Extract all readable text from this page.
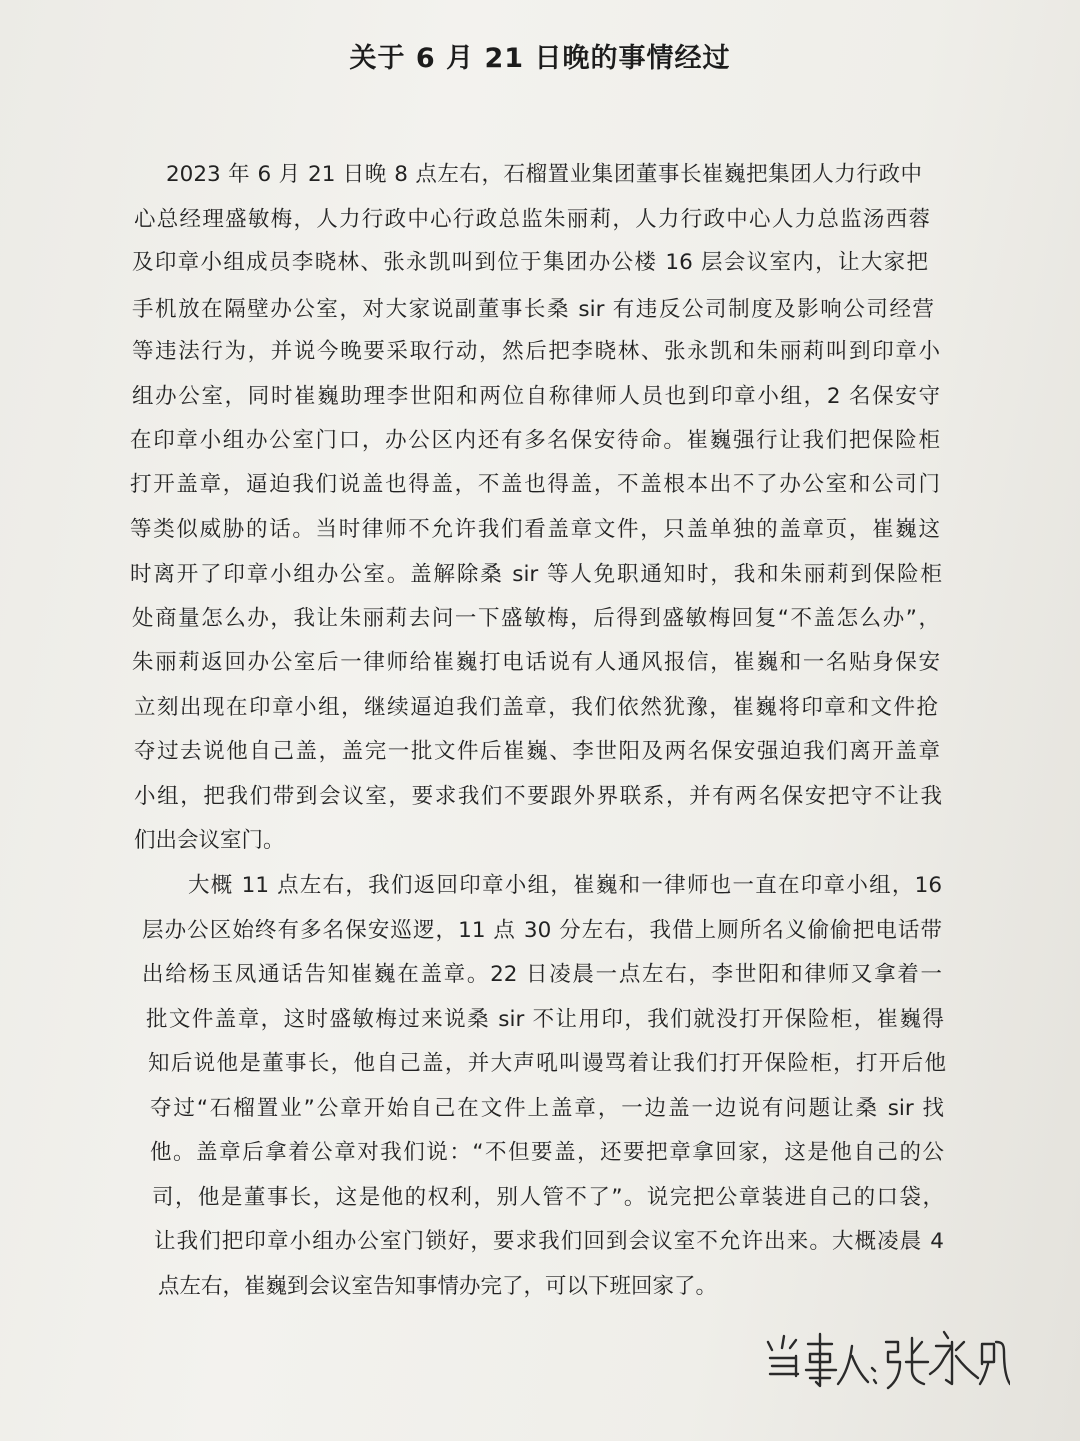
关于 6 月 21 日晚的事情经过
2023 年 6 月 21 日晚 8 点左右，石榴置业集团董事长崔巍把集团人力行政中
心总经理盛敏梅，人力行政中心行政总监朱丽莉，人力行政中心人力总监汤西蓉
及印章小组成员李晓林、张永凯叫到位于集团办公楼 16 层会议室内，让大家把
手机放在隔壁办公室，对大家说副董事长桑 sir 有违反公司制度及影响公司经营
等违法行为，并说今晚要采取行动，然后把李晓林、张永凯和朱丽莉叫到印章小
组办公室，同时崔巍助理李世阳和两位自称律师人员也到印章小组，2 名保安守
在印章小组办公室门口，办公区内还有多名保安待命。崔巍强行让我们把保险柜
打开盖章，逼迫我们说盖也得盖，不盖也得盖，不盖根本出不了办公室和公司门
等类似威胁的话。当时律师不允许我们看盖章文件，只盖单独的盖章页，崔巍这
时离开了印章小组办公室。盖解除桑 sir 等人免职通知时，我和朱丽莉到保险柜
处商量怎么办，我让朱丽莉去问一下盛敏梅，后得到盛敏梅回复“不盖怎么办”，
朱丽莉返回办公室后一律师给崔巍打电话说有人通风报信，崔巍和一名贴身保安
立刻出现在印章小组，继续逼迫我们盖章，我们依然犹豫，崔巍将印章和文件抢
夺过去说他自己盖，盖完一批文件后崔巍、李世阳及两名保安强迫我们离开盖章
小组，把我们带到会议室，要求我们不要跟外界联系，并有两名保安把守不让我
们出会议室门。
大概 11 点左右，我们返回印章小组，崔巍和一律师也一直在印章小组，16
层办公区始终有多名保安巡逻，11 点 30 分左右，我借上厕所名义偷偷把电话带
出给杨玉凤通话告知崔巍在盖章。22 日凌晨一点左右，李世阳和律师又拿着一
批文件盖章，这时盛敏梅过来说桑 sir 不让用印，我们就没打开保险柜，崔巍得
知后说他是董事长，他自己盖，并大声吼叫谩骂着让我们打开保险柜，打开后他
夺过“石榴置业”公章开始自己在文件上盖章，一边盖一边说有问题让桑 sir 找
他。盖章后拿着公章对我们说：“不但要盖，还要把章拿回家，这是他自己的公
司，他是董事长，这是他的权利，别人管不了”。说完把公章装进自己的口袋，
让我们把印章小组办公室门锁好，要求我们回到会议室不允许出来。大概凌晨 4
点左右，崔巍到会议室告知事情办完了，可以下班回家了。
